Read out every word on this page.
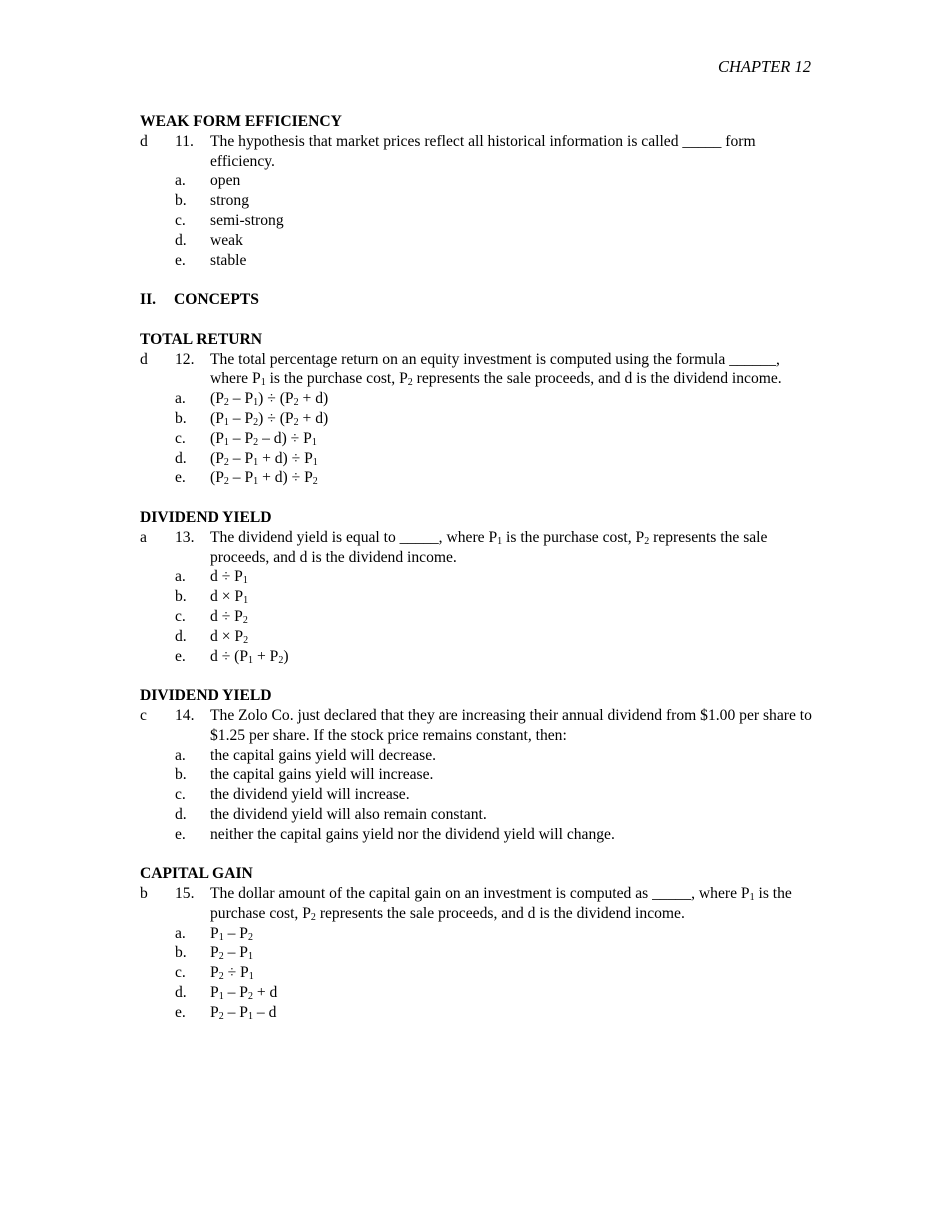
CHAPTER 12

WEAK FORM EFFICIENCY
d	11.	The hypothesis that market prices reflect all historical information is called _____ form efficiency.
a.	open
b.	strong
c.	semi-strong
d.	weak
e.	stable
II.	CONCEPTS
TOTAL RETURN
d	12. The total percentage return on an equity investment is computed using the formula ______, where $P_1$ is the purchase cost, $P_2$ represents the sale proceeds, and d is the dividend income.
a.	$(P_2 - P_1) \div (P_2 + d)$
b.	$(P_1 - P_2) \div (P_2 + d)$
c.	$(P_1 - P_2 - d) \div P_1$
d.	$(P_2 - P_1 + d) \div P_1$
e.	$(P_2 - P_1 + d) \div P_2$
DIVIDEND YIELD
a	13. The dividend yield is equal to _____, where $P_1$ is the purchase cost, $P_2$ represents the sale proceeds, and d is the dividend income.
a.	$d \div P_1$
b.	$d \times P_1$
c.	$d \div P_2$
d.	$d \times P_2$
e.	$d \div (P_1 + P_2)$
DIVIDEND YIELD
c	14. The Zolo Co. just declared that they are increasing their annual dividend from $1.00 per share to $1.25 per share. If the stock price remains constant, then:
a.	the capital gains yield will decrease.
b.	the capital gains yield will increase.
c.	the dividend yield will increase.
d.	the dividend yield will also remain constant.
e.	neither the capital gains yield nor the dividend yield will change.
CAPITAL GAIN
b	15. The dollar amount of the capital gain on an investment is computed as _____, where $P_1$ is the purchase cost, $P_2$ represents the sale proceeds, and d is the dividend income.
a.	$P_1 - P_2$
b.	$P_2 - P_1$
c.	$P_2 \div P_1$
d.	$P_1 - P_2 + d$
e.	$P_2 - P_1$ – d
